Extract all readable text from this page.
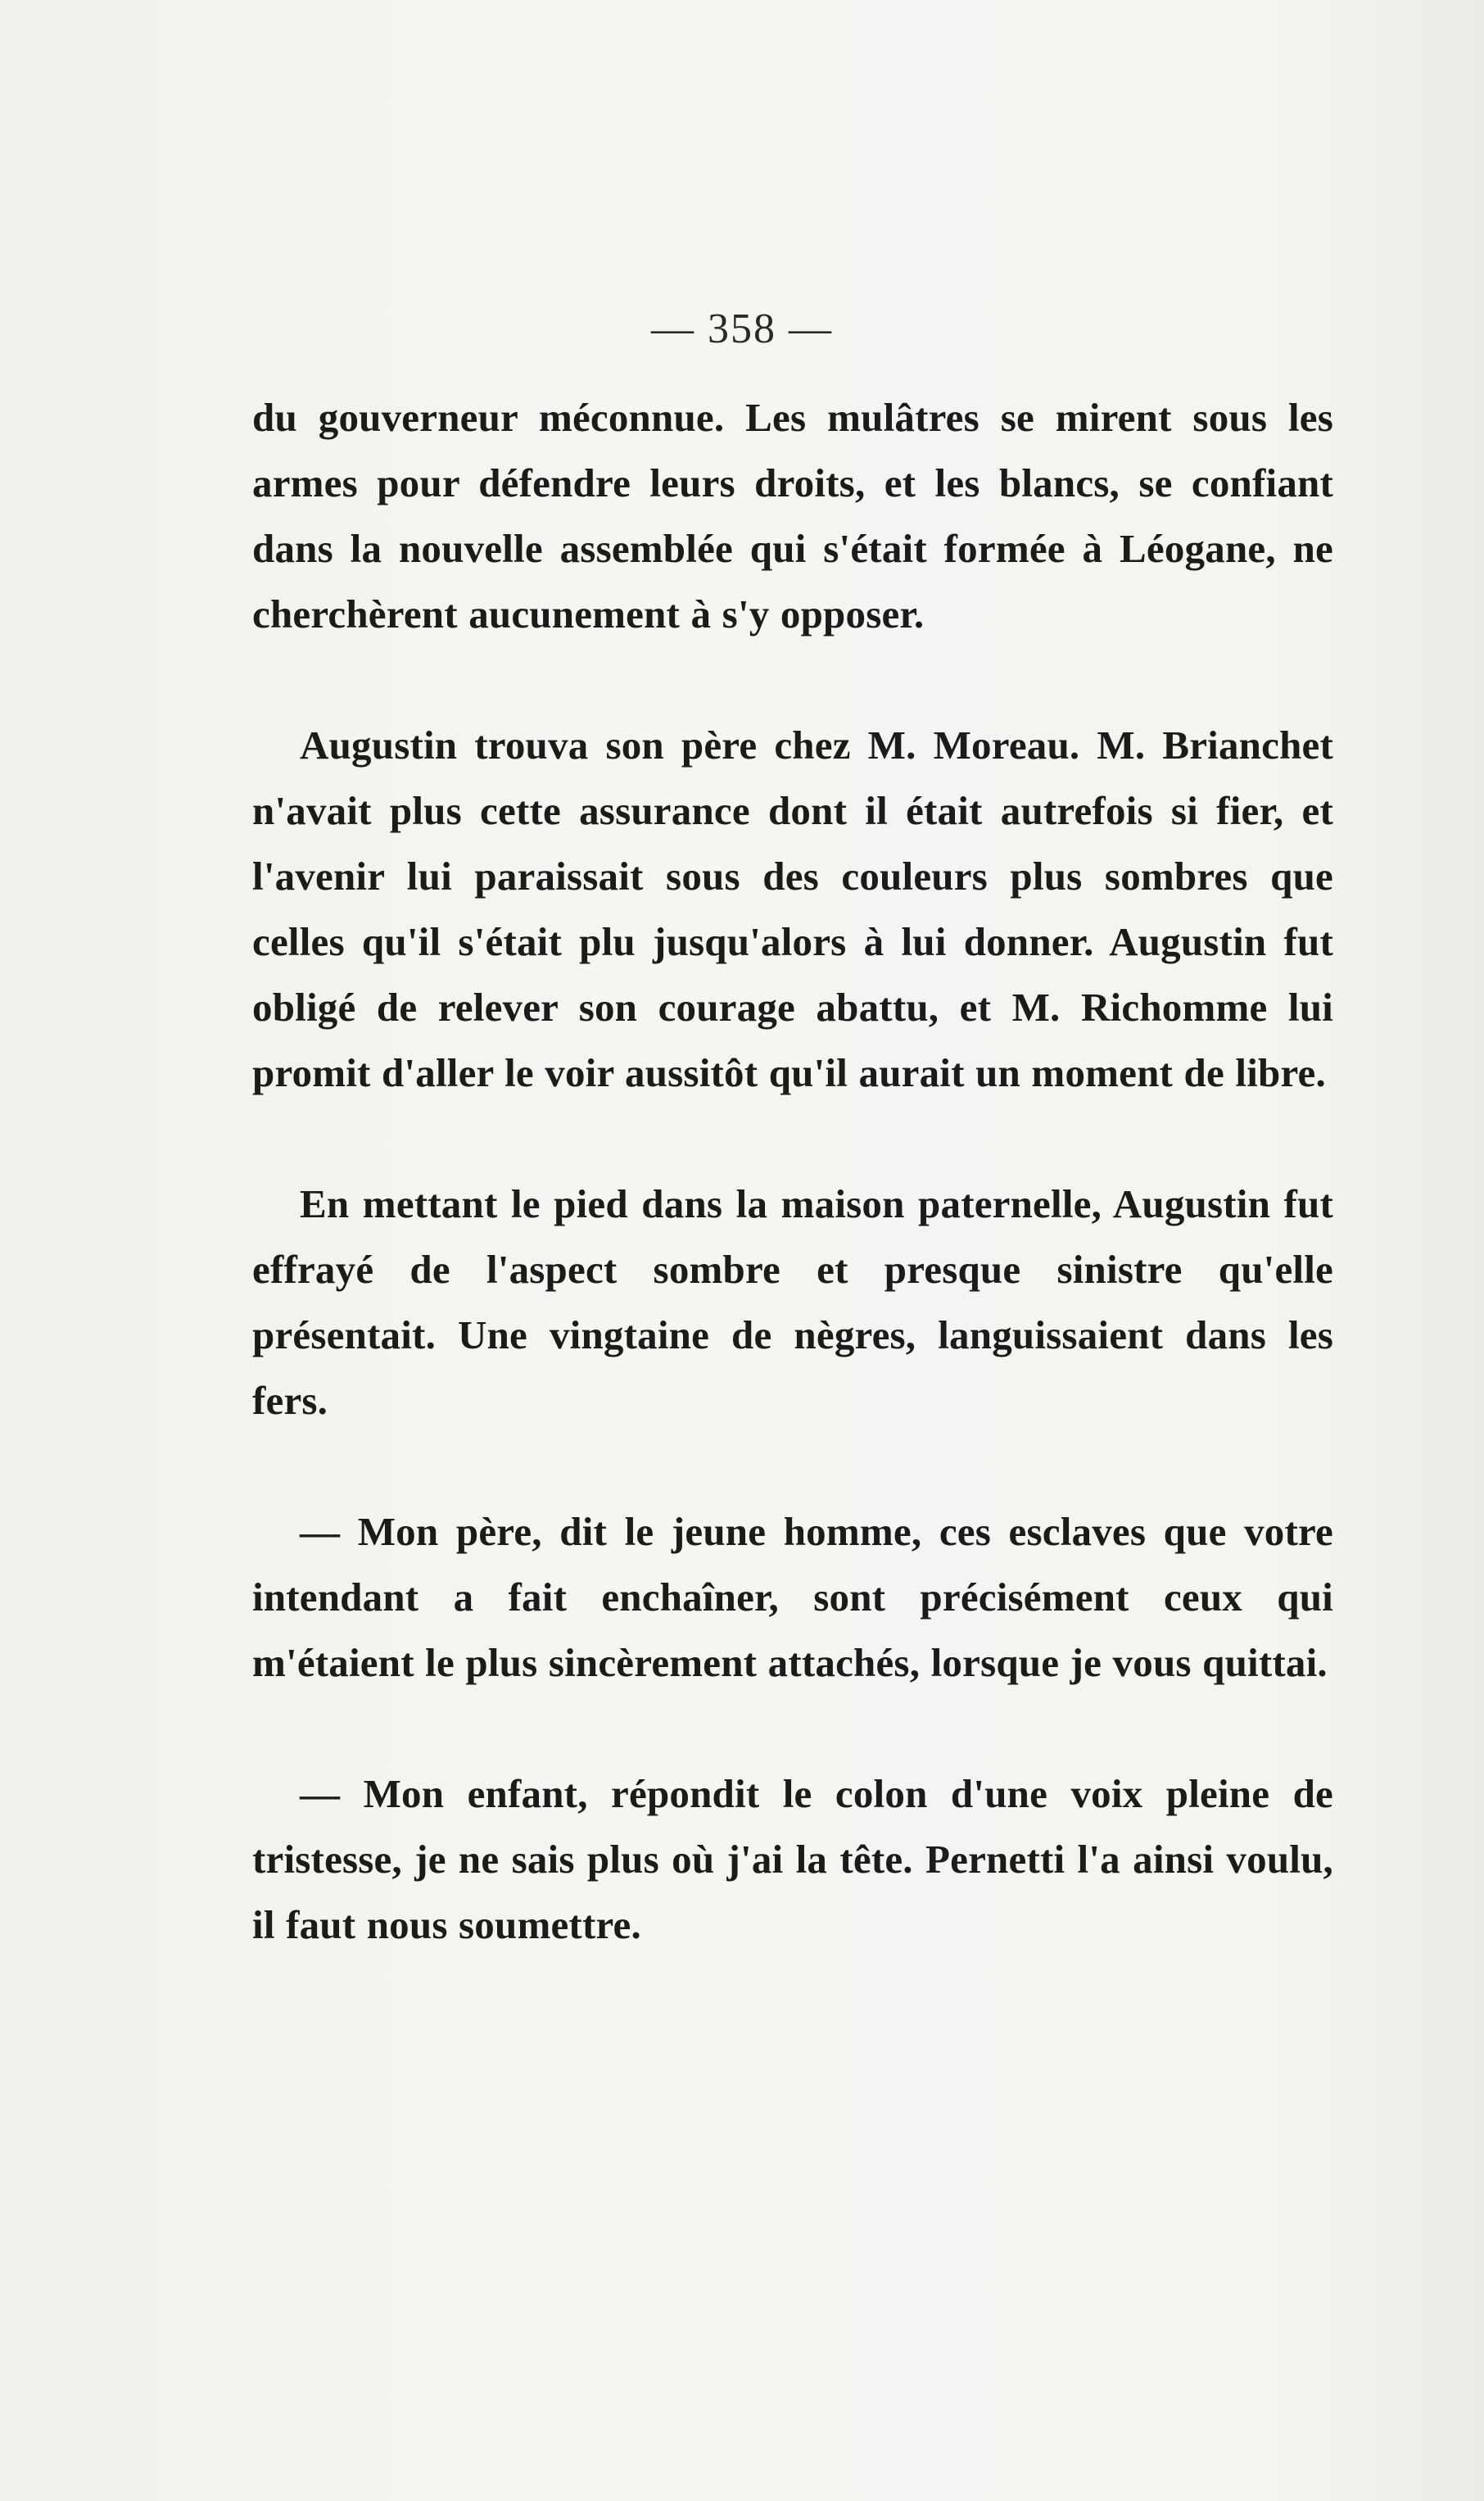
— 358 —

du gouverneur méconnue. Les mulâtres se mirent sous les armes pour défendre leurs droits, et les blancs, se confiant dans la nouvelle assemblée qui s'était formée à Léogane, ne cherchèrent aucunement à s'y opposer.

Augustin trouva son père chez M. Moreau. M. Brianchet n'avait plus cette assurance dont il était autrefois si fier, et l'avenir lui paraissait sous des couleurs plus sombres que celles qu'il s'était plu jusqu'alors à lui donner. Augustin fut obligé de relever son courage abattu, et M. Richomme lui promit d'aller le voir aussitôt qu'il aurait un moment de libre.

En mettant le pied dans la maison paternelle, Augustin fut effrayé de l'aspect sombre et presque sinistre qu'elle présentait. Une vingtaine de nègres, languissaient dans les fers.

— Mon père, dit le jeune homme, ces esclaves que votre intendant a fait enchaîner, sont précisément ceux qui m'étaient le plus sincèrement attachés, lorsque je vous quittai.

— Mon enfant, répondit le colon d'une voix pleine de tristesse, je ne sais plus où j'ai la tête. Pernetti l'a ainsi voulu, il faut nous soumettre.
